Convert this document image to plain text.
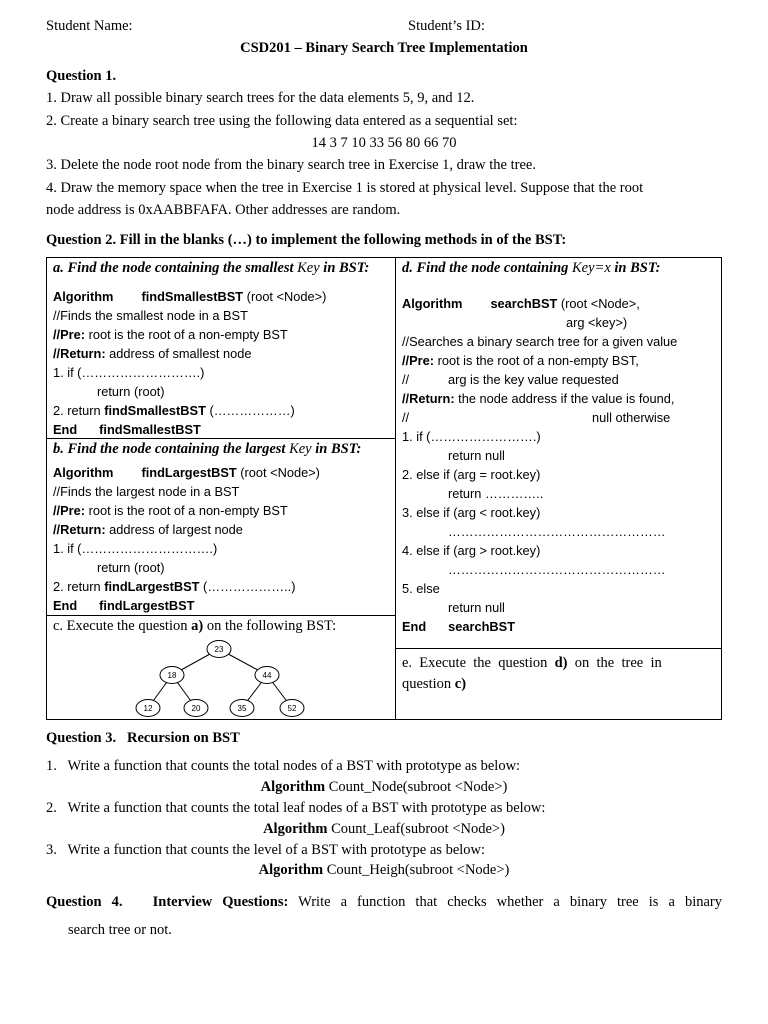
Student Name:	Student’s ID:
CSD201 – Binary Search Tree Implementation
Question 1.
1. Draw all possible binary search trees for the data elements 5, 9, and 12.
2. Create a binary search tree using the following data entered as a sequential set:
14 3 7 10 33 56 80 66 70
3. Delete the node root node from the binary search tree in Exercise 1, draw the tree.
4. Draw the memory space when the tree in Exercise 1 is stored at physical level. Suppose that the root
node address is 0xAABBFAFA. Other addresses are random.
Question 2. Fill in the blanks (…) to implement the following methods in of the BST:
a. Find the node containing the smallest Key in BST:
Algorithm findSmallestBST (root <Node>)
//Finds the smallest node in a BST
//Pre: root is the root of a non-empty BST
//Return: address of smallest node
1. if (……………………….)
return (root)
2. return findSmallestBST (………………)
End findSmallestBST
b. Find the node containing the largest Key in BST:
Algorithm findLargestBST (root <Node>)
//Finds the largest node in a BST
//Pre: root is the root of a non-empty BST
//Return: address of largest node
1. if (………………………….)
return (root)
2. return findLargestBST (………………..)
End findLargestBST
c. Execute the question a) on the following BST:
23
18	44
12	20	35	52
d. Find the node containing Key=x in BST:
Algorithm searchBST (root <Node>,
arg <key>)
//Searches a binary search tree for a given value
//Pre: root is the root of a non-empty BST,
//	arg is the key value requested
//Return: the node address if the value is found,
//	null otherwise
1. if (…………………….)
return null
2. else if (arg = root.key)
return …………..
3. else if (arg < root.key)
……………………………………………
4. else if (arg > root.key)
……………………………………………
5. else
return null
End searchBST
e.  Execute  the  question  d)  on  the  tree  in
question c)
Question 3.   Recursion on BST
1.   Write a function that counts the total nodes of a BST with prototype as below:
Algorithm Count_Node(subroot <Node>)
2.   Write a function that counts the total leaf nodes of a BST with prototype as below:
Algorithm Count_Leaf(subroot <Node>)
3.   Write a function that counts the level of a BST with prototype as below:
Algorithm Count_Heigh(subroot <Node>)
Question 4.   Interview Questions: Write a function that checks whether a binary tree is a binary
search tree or not.
